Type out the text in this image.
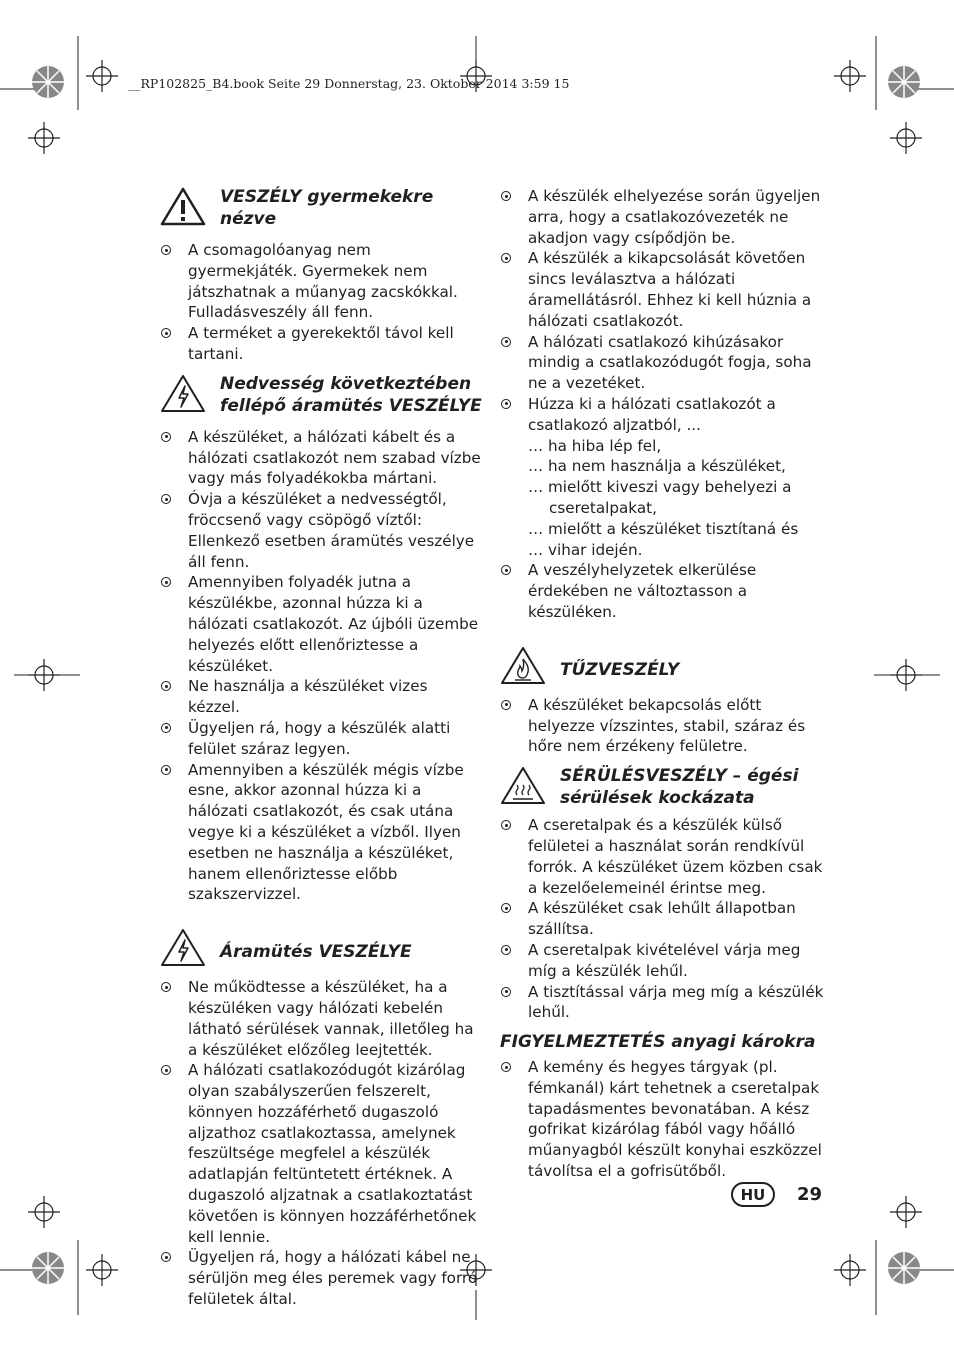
__RP102825_B4.book Seite 29 Donnerstag, 23. Oktober 2014 3:59 15
VESZÉLY gyermekekre nézve
A csomagolóanyag nem gyermekjáték. Gyermekek nem játszhatnak a műanyag zacskókkal. Fulladásveszély áll fenn.
A terméket a gyerekektől távol kell tartani.
Nedvesség következtében fellépő áramütés VESZÉLYE
A készüléket, a hálózati kábelt és a hálózati csatlakozót nem szabad vízbe vagy más folyadékokba mártani.
Óvja a készüléket a nedvességtől, fröccsenő vagy csöpögő víztől: Ellenkező esetben áramütés veszélye áll fenn.
Amennyiben folyadék jutna a készülékbe, azonnal húzza ki a hálózati csatlakozót. Az újbóli üzembe helyezés előtt ellenőriztesse a készüléket.
Ne használja a készüléket vizes kézzel.
Ügyeljen rá, hogy a készülék alatti felület száraz legyen.
Amennyiben a készülék mégis vízbe esne, akkor azonnal húzza ki a hálózati csatlakozót, és csak utána vegye ki a készüléket a vízből. Ilyen esetben ne használja a készüléket, hanem ellenőriztesse előbb szakszervizzel.
Áramütés VESZÉLYE
Ne működtesse a készüléket, ha a készüléken vagy hálózati kebelén látható sérülések vannak, illetőleg ha a készüléket előzőleg leejtették.
A hálózati csatlakozódugót kizárólag olyan szabályszerűen felszerelt, könnyen hozzáférhető dugaszoló aljzathoz csatlakoztassa, amelynek feszültsége megfelel a készülék adatlapján feltüntetett értéknek. A dugaszoló aljzatnak a csatlakoztatást követően is könnyen hozzáférhetőnek kell lennie.
Ügyeljen rá, hogy a hálózati kábel ne sérüljön meg éles peremek vagy forró felületek által.
A készülék elhelyezése során ügyeljen arra, hogy a csatlakozóvezeték ne akadjon vagy csípődjön be.
A készülék a kikapcsolását követően sincs leválasztva a hálózati áramellátásról. Ehhez ki kell húznia a hálózati csatlakozót.
A hálózati csatlakozó kihúzásakor mindig a csatlakozódugót fogja, soha ne a vezetéket.
Húzza ki a hálózati csatlakozót a csatlakozó aljzatból, ...
… ha hiba lép fel,
… ha nem használja a készüléket,
… mielőtt kiveszi vagy behelyezi a cseretalpakat,
… mielőtt a készüléket tisztítaná és
… vihar idején.
A veszélyhelyzetek elkerülése érdekében ne változtasson a készüléken.
TŰZVESZÉLY
A készüléket bekapcsolás előtt helyezze vízszintes, stabil, száraz és hőre nem érzékeny felületre.
SÉRÜLÉSVESZÉLY – égési sérülések kockázata
A cseretalpak és a készülék külső felületei a használat során rendkívül forrók. A készüléket üzem közben csak a kezelőelemeinél érintse meg.
A készüléket csak lehűlt állapotban szállítsa.
A cseretalpak kivételével várja meg míg a készülék lehűl.
A tisztítással várja meg míg a készülék lehűl.
FIGYELMEZTETÉS anyagi károkra
A kemény és hegyes tárgyak (pl. fémkanál) kárt tehetnek a cseretalpak tapadásmentes bevonatában. A kész gofrikat kizárólag fából vagy hőálló műanyagból készült konyhai eszközzel távolítsa el a gofrisütőből.
HU	29
